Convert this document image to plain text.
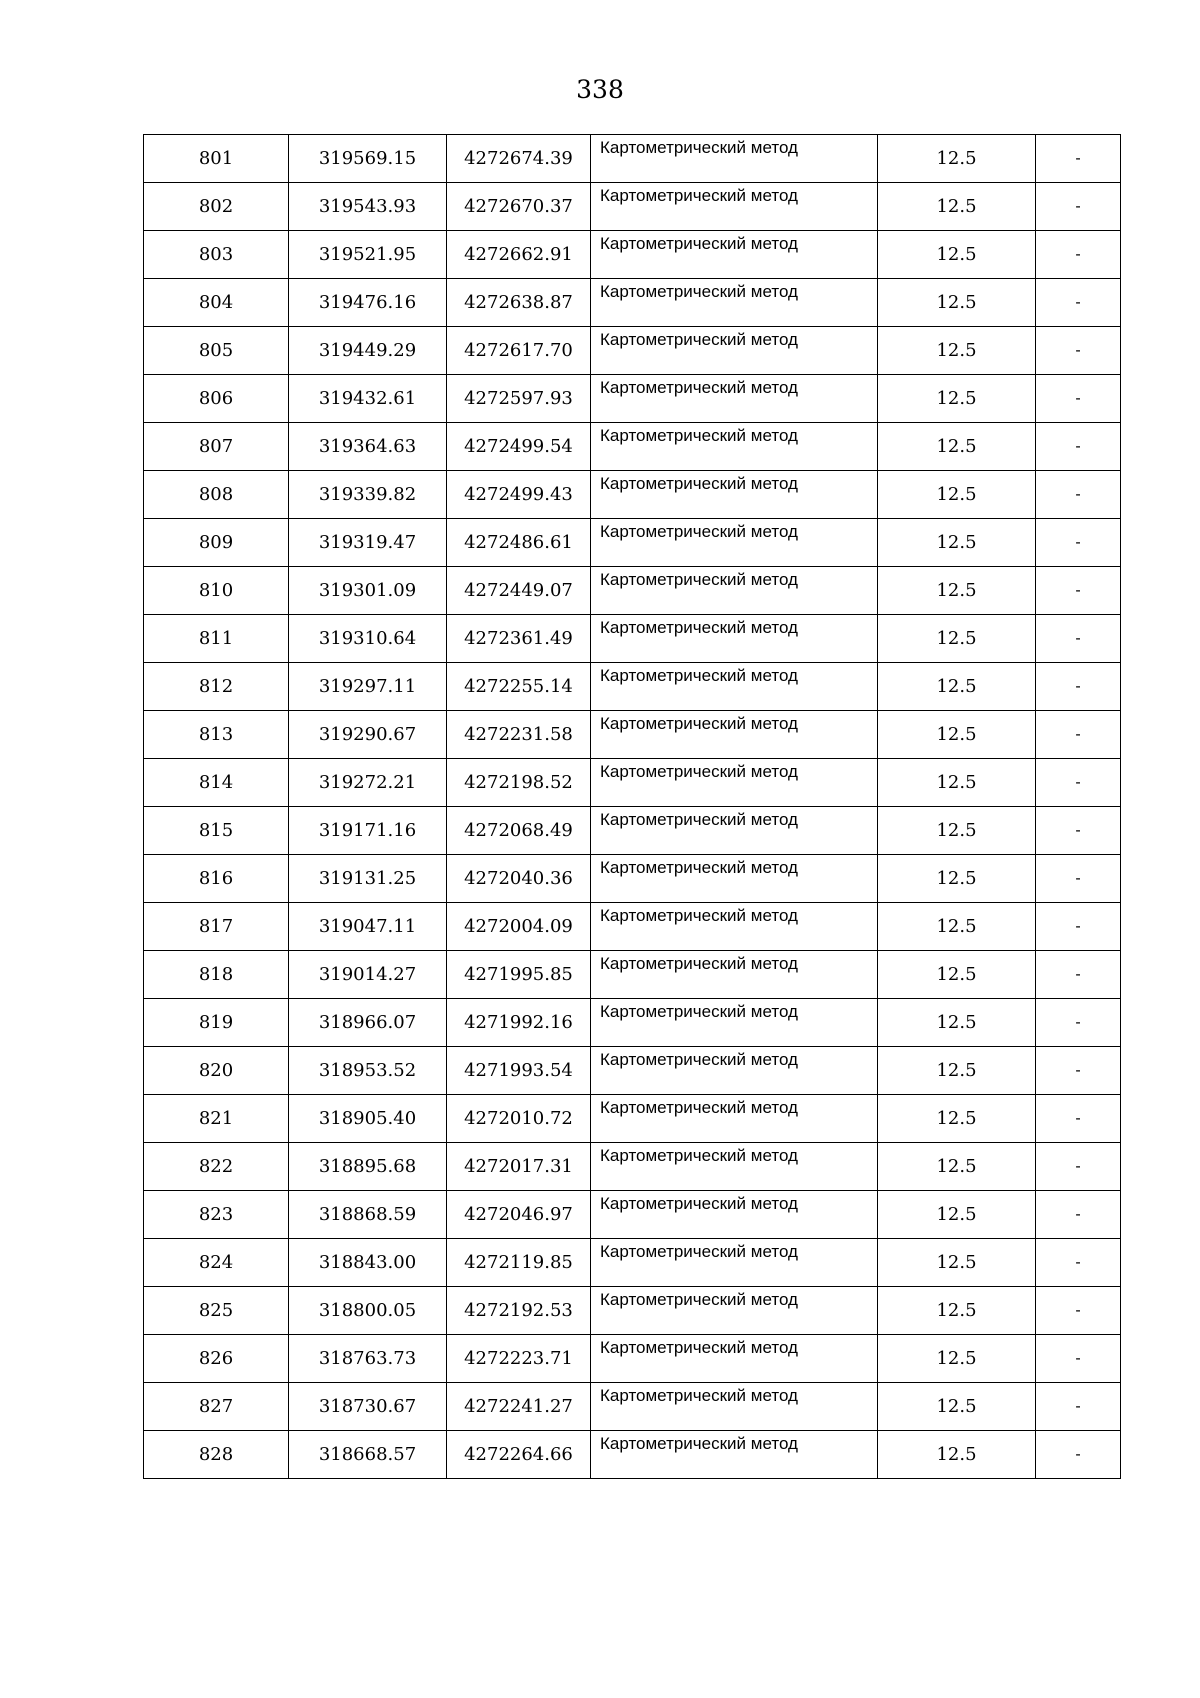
338
801	319569.15	4272674.39	Картометрический метод	12.5	-
802	319543.93	4272670.37	Картометрический метод	12.5	-
803	319521.95	4272662.91	Картометрический метод	12.5	-
804	319476.16	4272638.87	Картометрический метод	12.5	-
805	319449.29	4272617.70	Картометрический метод	12.5	-
806	319432.61	4272597.93	Картометрический метод	12.5	-
807	319364.63	4272499.54	Картометрический метод	12.5	-
808	319339.82	4272499.43	Картометрический метод	12.5	-
809	319319.47	4272486.61	Картометрический метод	12.5	-
810	319301.09	4272449.07	Картометрический метод	12.5	-
811	319310.64	4272361.49	Картометрический метод	12.5	-
812	319297.11	4272255.14	Картометрический метод	12.5	-
813	319290.67	4272231.58	Картометрический метод	12.5	-
814	319272.21	4272198.52	Картометрический метод	12.5	-
815	319171.16	4272068.49	Картометрический метод	12.5	-
816	319131.25	4272040.36	Картометрический метод	12.5	-
817	319047.11	4272004.09	Картометрический метод	12.5	-
818	319014.27	4271995.85	Картометрический метод	12.5	-
819	318966.07	4271992.16	Картометрический метод	12.5	-
820	318953.52	4271993.54	Картометрический метод	12.5	-
821	318905.40	4272010.72	Картометрический метод	12.5	-
822	318895.68	4272017.31	Картометрический метод	12.5	-
823	318868.59	4272046.97	Картометрический метод	12.5	-
824	318843.00	4272119.85	Картометрический метод	12.5	-
825	318800.05	4272192.53	Картометрический метод	12.5	-
826	318763.73	4272223.71	Картометрический метод	12.5	-
827	318730.67	4272241.27	Картометрический метод	12.5	-
828	318668.57	4272264.66	Картометрический метод	12.5	-
